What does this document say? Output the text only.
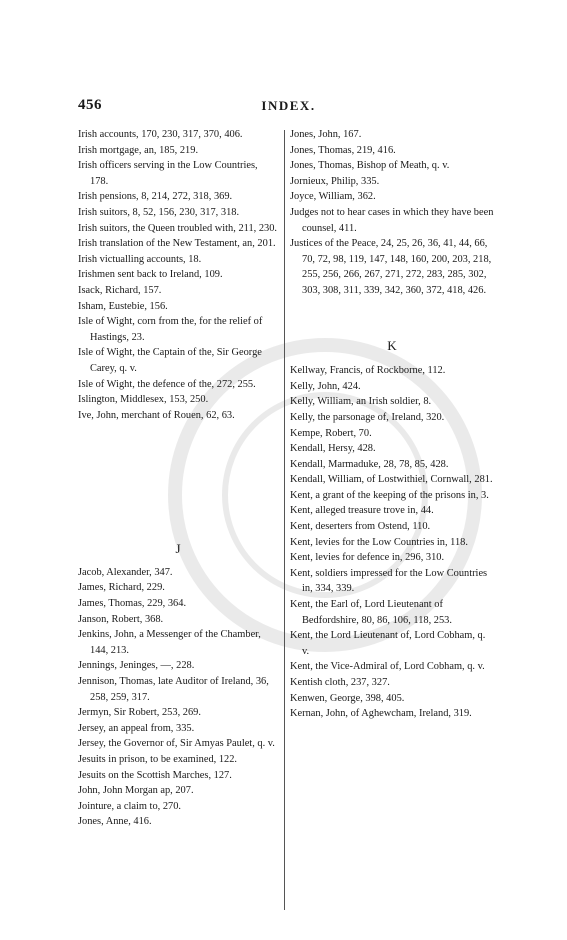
456	INDEX.

Irish accounts, 170, 230, 317, 370, 406.

Irish mortgage, an, 185, 219.

Irish officers serving in the Low Countries, 178.

Irish pensions, 8, 214, 272, 318, 369.

Irish suitors, 8, 52, 156, 230, 317, 318.

Irish suitors, the Queen troubled with, 211, 230.

Irish translation of the New Testament, an, 201.

Irish victualling accounts, 18.

Irishmen sent back to Ireland, 109.

Isack, Richard, 157.

Isham, Eustebie, 156.

Isle of Wight, corn from the, for the relief of Hastings, 23.

Isle of Wight, the Captain of the, Sir George Carey, q. v.

Isle of Wight, the defence of the, 272, 255.

Islington, Middlesex, 153, 250.

Ive, John, merchant of Rouen, 62, 63.

J

Jacob, Alexander, 347.

James, Richard, 229.

James, Thomas, 229, 364.

Janson, Robert, 368.

Jenkins, John, a Messenger of the Chamber, 144, 213.

Jennings, Jeninges, —, 228.

Jennison, Thomas, late Auditor of Ireland, 36, 258, 259, 317.

Jermyn, Sir Robert, 253, 269.

Jersey, an appeal from, 335.

Jersey, the Governor of, Sir Amyas Paulet, q. v.

Jesuits in prison, to be examined, 122.

Jesuits on the Scottish Marches, 127.

John, John Morgan ap, 207.

Jointure, a claim to, 270.

Jones, Anne, 416.

Jones, John, 167.

Jones, Thomas, 219, 416.

Jones, Thomas, Bishop of Meath, q. v.

Jornieux, Philip, 335.

Joyce, William, 362.

Judges not to hear cases in which they have been counsel, 411.

Justices of the Peace, 24, 25, 26, 36, 41, 44, 66, 70, 72, 98, 119, 147, 148, 160, 200, 203, 218, 255, 256, 266, 267, 271, 272, 283, 285, 302, 303, 308, 311, 339, 342, 360, 372, 418, 426.

K

Kellway, Francis, of Rockborne, 112.

Kelly, John, 424.

Kelly, William, an Irish soldier, 8.

Kelly, the parsonage of, Ireland, 320.

Kempe, Robert, 70.

Kendall, Hersy, 428.

Kendall, Marmaduke, 28, 78, 85, 428.

Kendall, William, of Lostwithiel, Cornwall, 281.

Kent, a grant of the keeping of the prisons in, 3.

Kent, alleged treasure trove in, 44.

Kent, deserters from Ostend, 110.

Kent, levies for the Low Countries in, 118.

Kent, levies for defence in, 296, 310.

Kent, soldiers impressed for the Low Countries in, 334, 339.

Kent, the Earl of, Lord Lieutenant of Bedfordshire, 80, 86, 106, 118, 253.

Kent, the Lord Lieutenant of, Lord Cobham, q. v.

Kent, the Vice-Admiral of, Lord Cobham, q. v.

Kentish cloth, 237, 327.

Kenwen, George, 398, 405.

Kernan, John, of Aghewcham, Ireland, 319.
